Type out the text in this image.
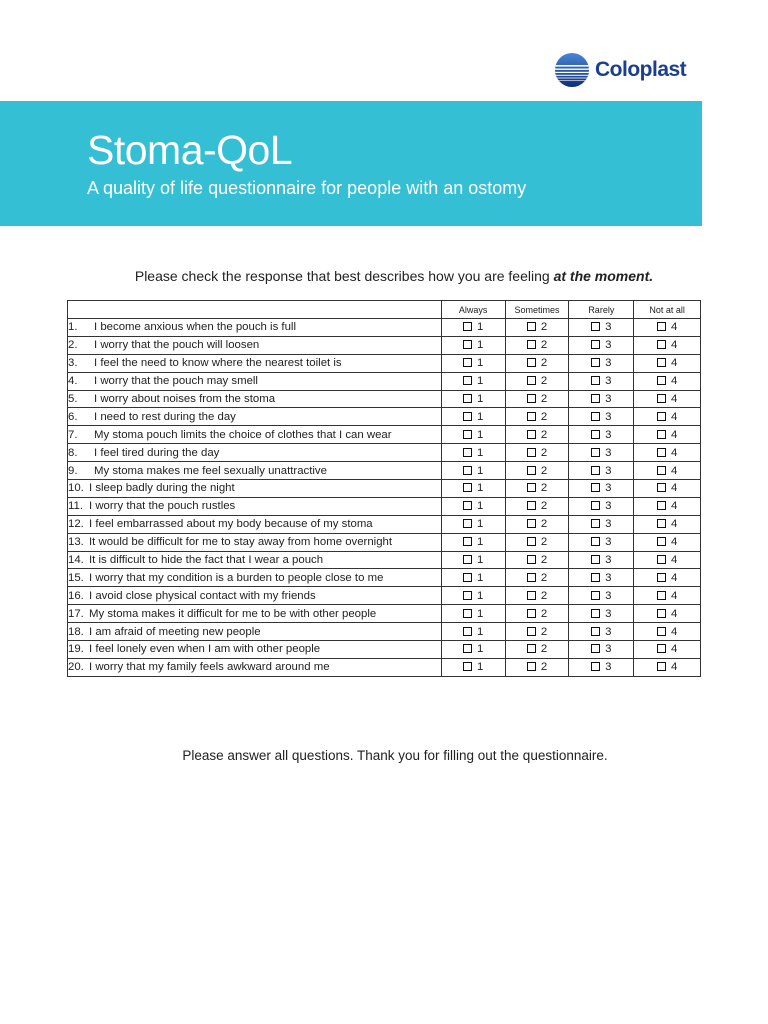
Coloplast
Stoma-QoL
A quality of life questionnaire for people with an ostomy
Please check the response that best describes how you are feeling at the moment.
	Always	Sometimes	Rarely	Not at all
1. I become anxious when the pouch is full	1	2	3	4
2. I worry that the pouch will loosen	1	2	3	4
3. I feel the need to know where the nearest toilet is	1	2	3	4
4. I worry that the pouch may smell	1	2	3	4
5. I worry about noises from the stoma	1	2	3	4
6. I need to rest during the day	1	2	3	4
7. My stoma pouch limits the choice of clothes that I can wear	1	2	3	4
8. I feel tired during the day	1	2	3	4
9. My stoma makes me feel sexually unattractive	1	2	3	4
10. I sleep badly during the night	1	2	3	4
11. I worry that the pouch rustles	1	2	3	4
12. I feel embarrassed about my body because of my stoma	1	2	3	4
13. It would be difficult for me to stay away from home overnight	1	2	3	4
14. It is difficult to hide the fact that I wear a pouch	1	2	3	4
15. I worry that my condition is a burden to people close to me	1	2	3	4
16. I avoid close physical contact with my friends	1	2	3	4
17. My stoma makes it difficult for me to be with other people	1	2	3	4
18. I am afraid of meeting new people	1	2	3	4
19. I feel lonely even when I am with other people	1	2	3	4
20. I worry that my family feels awkward around me	1	2	3	4
Please answer all questions. Thank you for filling out the questionnaire.
